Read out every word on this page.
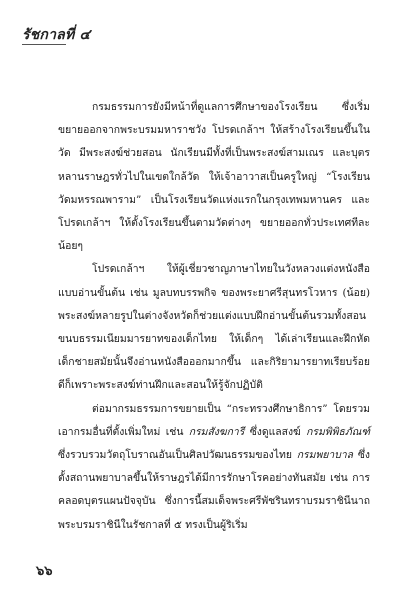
รัชกาลที่ ๔

กรมธรรมการยังมีหน้าที่ดูแลการศึกษาของโรงเรียน ซึ่งเริ่มขยายออกจากพระบรมมหาราชวัง โปรดเกล้าฯ ให้สร้างโรงเรียนขึ้นในวัด มีพระสงฆ์ช่วยสอน นักเรียนมีทั้งที่เป็นพระสงฆ์สามเณร และบุตรหลานราษฎรทั่วไปในเขตใกล้วัด ให้เจ้าอาวาสเป็นครูใหญ่ “โรงเรียนวัดมหรรณพาราม” เป็นโรงเรียนวัดแห่งแรกในกรุงเทพมหานคร และโปรดเกล้าฯ ให้ตั้งโรงเรียนขึ้นตามวัดต่างๆ ขยายออกทั่วประเทศทีละน้อยๆ

โปรดเกล้าฯ ให้ผู้เชี่ยวชาญภาษาไทยในวังหลวงแต่งหนังสือแบบอ่านขั้นต้น เช่น มูลบทบรรพกิจ ของพระยาศรีสุนทรโวหาร (น้อย) พระสงฆ์หลายรูปในต่างจังหวัดก็ช่วยแต่งแบบฝึกอ่านขั้นต้นรวมทั้งสอนขนบธรรมเนียมมารยาทของเด็กไทย ให้เด็กๆ ได้เล่าเรียนและฝึกหัด เด็กชายสมัยนั้นจึงอ่านหนังสือออกมากขึ้น และกิริยามารยาทเรียบร้อยดีก็เพราะพระสงฆ์ท่านฝึกและสอนให้รู้จักปฏิบัติ

ต่อมากรมธรรมการขยายเป็น “กระทรวงศึกษาธิการ” โดยรวมเอากรมอื่นที่ตั้งเพิ่มใหม่ เช่น กรมสังฆการี ซึ่งดูแลสงฆ์ กรมพิพิธภัณฑ์ ซึ่งรวบรวมวัตถุโบราณอันเป็นศิลปวัฒนธรรมของไทย กรมพยาบาล ซึ่งตั้งสถานพยาบาลขึ้นให้ราษฎรได้มีการรักษาโรคอย่างทันสมัย เช่น การคลอดบุตรแผนปัจจุบัน ซึ่งการนี้สมเด็จพระศรีพัชรินทราบรมราชินีนาถ พระบรมราชินีในรัชกาลที่ ๕ ทรงเป็นผู้ริเริ่ม

๖๖
